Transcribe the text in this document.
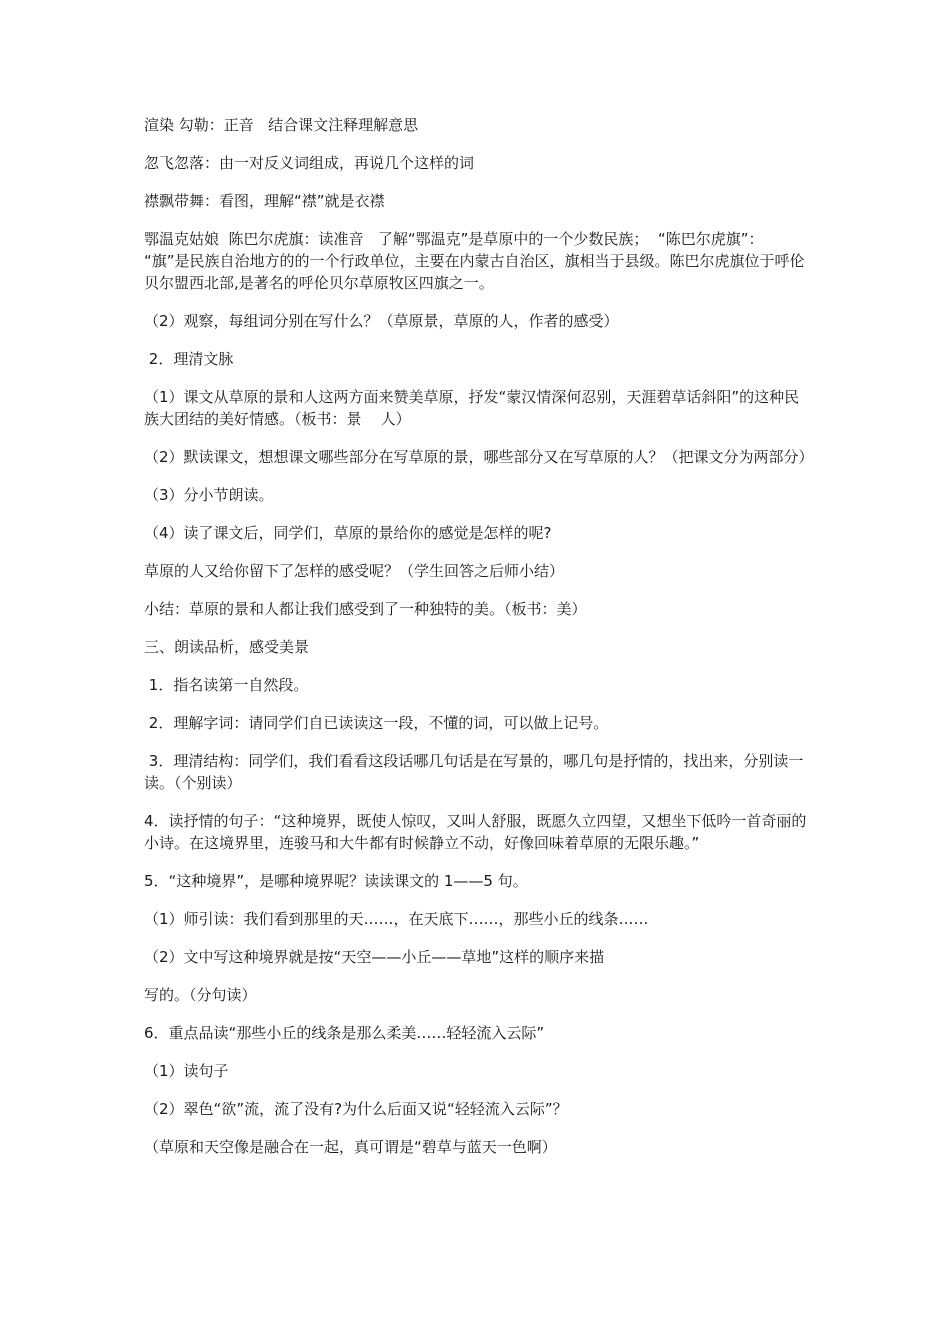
渲染 勾勒：正音   结合课文注释理解意思

忽飞忽落：由一对反义词组成，再说几个这样的词

襟飘带舞：看图，理解“襟”就是衣襟

鄂温克姑娘  陈巴尔虎旗：读准音   了解“鄂温克”是草原中的一个少数民族；  “陈巴尔虎旗”：  “旗”是民族自治地方的的一个行政单位，主要在内蒙古自治区，旗相当于县级。陈巴尔虎旗位于呼伦贝尔盟西北部,是著名的呼伦贝尔草原牧区四旗之一。

（2）观察，每组词分别在写什么？（草原景，草原的人，作者的感受）

2．理清文脉

（1）课文从草原的景和人这两方面来赞美草原，抒发“蒙汉情深何忍别，天涯碧草话斜阳”的这种民族大团结的美好情感。（板书：景    人）

（2）默读课文，想想课文哪些部分在写草原的景，哪些部分又在写草原的人？（把课文分为两部分）

（3）分小节朗读。

（4）读了课文后，同学们，草原的景给你的感觉是怎样的呢?

草原的人又给你留下了怎样的感受呢？（学生回答之后师小结）

小结：草原的景和人都让我们感受到了一种独特的美。（板书：美）

三、朗读品析，感受美景

1．指名读第一自然段。

2．理解字词：请同学们自已读读这一段，不懂的词，可以做上记号。

3．理清结构：同学们，我们看看这段话哪几句话是在写景的，哪几句是抒情的，找出来，分别读一读。（个别读）

4．读抒情的句子：“这种境界，既使人惊叹，又叫人舒服，既愿久立四望，又想坐下低吟一首奇丽的小诗。在这境界里，连骏马和大牛都有时候静立不动，好像回味着草原的无限乐趣。”

5．“这种境界”，是哪种境界呢？读读课文的 1——5 句。

（1）师引读：我们看到那里的天……，在天底下……，那些小丘的线条……

（2）文中写这种境界就是按“天空——小丘——草地”这样的顺序来描

写的。（分句读）

6．重点品读“那些小丘的线条是那么柔美……轻轻流入云际”

（1）读句子

（2）翠色“欲”流，流了没有?为什么后面又说“轻轻流入云际”？

（草原和天空像是融合在一起，真可谓是“碧草与蓝天一色啊）
